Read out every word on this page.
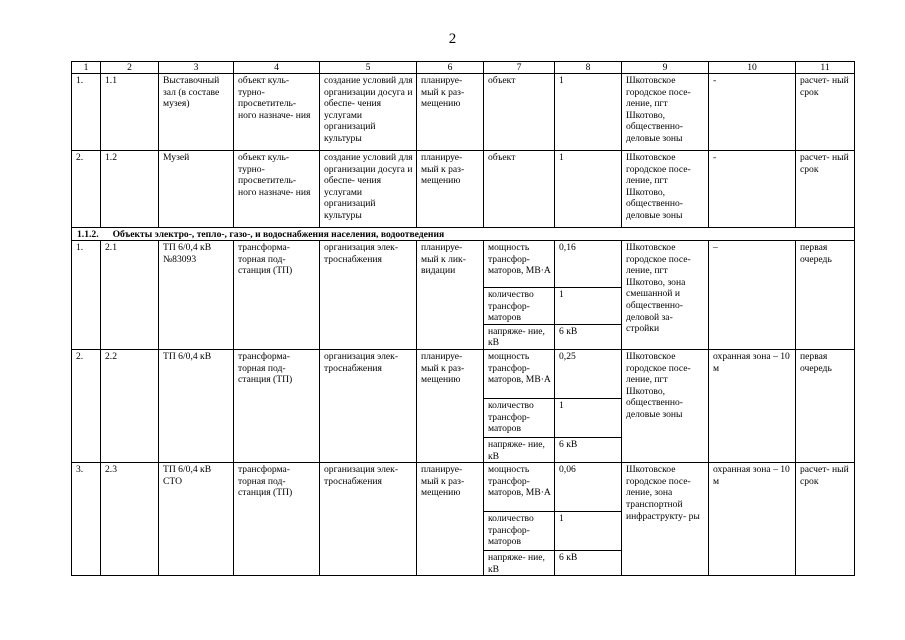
2
1	2	3	4	5	6	7	8	9	10	11
1.	1.1	Выставочный зал (в составе музея)	объект куль- турно- просветитель- ного назначе- ния	создание условий для организации досуга и обеспе- чения услугами организаций культуры	планируе- мый к раз- мещению	объект	1	Шкотовское городское посе- ление, пгт Шкотово, общественно- деловые зоны	-	расчет- ный срок
2.	1.2	Музей	объект куль- турно- просветитель- ного назначе- ния	создание условий для организации досуга и обеспе- чения услугами организаций культуры	планируе- мый к раз- мещению	объект	1	Шкотовское городское посе- ление, пгт Шкотово, общественно- деловые зоны	-	расчет- ный срок
1.1.2. Объекты электро-, тепло-, газо-, и водоснабжения населения, водоотведения										
1.	2.1	ТП 6/0,4 кВ №83093	трансформа- торная под- станция (ТП)	организация элек- троснабжения	планируе- мый к лик- видации	мощность трансфор- маторов, МВ·А	0,16	Шкотовское городское посе- ление, пгт Шкотово, зона смешанной и общественно- деловой за- стройки	–	первая очередь
						количество трансфор- маторов	1			
						напряже- ние, кВ	6 кВ			
2.	2.2	ТП 6/0,4 кВ	трансформа- торная под- станция (ТП)	организация элек- троснабжения	планируе- мый к раз- мещению	мощность трансфор- маторов, МВ·А	0,25	Шкотовское городское посе- ление, пгт Шкотово, общественно- деловые зоны	охранная зона – 10 м	первая очередь
						количество трансфор- маторов	1			
						напряже- ние, кВ	6 кВ			
3.	2.3	ТП 6/0,4 кВ СТО	трансформа- торная под- станция (ТП)	организация элек- троснабжения	планируе- мый к раз- мещению	мощность трансфор- маторов, МВ·А	0,06	Шкотовское городское посе- ление, зона транспортной инфраструкту- ры	охранная зона – 10 м	расчет- ный срок
						количество трансфор- маторов	1			
						напряже- ние, кВ	6 кВ			
